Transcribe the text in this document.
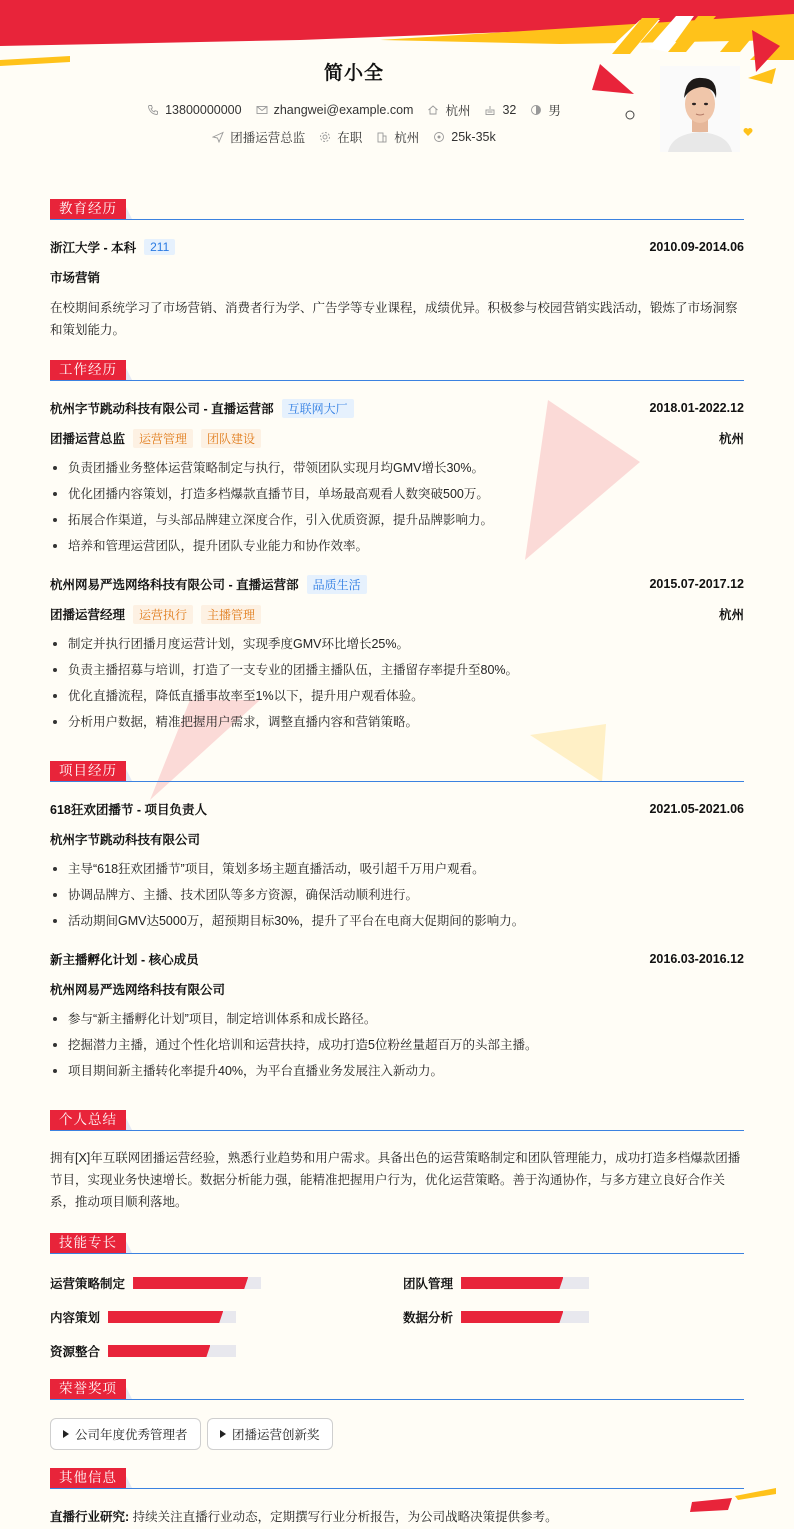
简小全
13800000000	zhangwei@example.com	杭州	32	男
团播运营总监	在职	杭州	25k-35k
教育经历
浙江大学 - 本科	211	2010.09-2014.06
市场营销
在校期间系统学习了市场营销、消费者行为学、广告学等专业课程，成绩优异。积极参与校园营销实践活动，锻炼了市场洞察和策划能力。
工作经历
杭州字节跳动科技有限公司 - 直播运营部	互联网大厂	2018.01-2022.12
团播运营总监	运营管理	团队建设	杭州
负责团播业务整体运营策略制定与执行，带领团队实现月均GMV增长30%。
优化团播内容策划，打造多档爆款直播节目，单场最高观看人数突破500万。
拓展合作渠道，与头部品牌建立深度合作，引入优质资源，提升品牌影响力。
培养和管理运营团队，提升团队专业能力和协作效率。
杭州网易严选网络科技有限公司 - 直播运营部	品质生活	2015.07-2017.12
团播运营经理	运营执行	主播管理	杭州
制定并执行团播月度运营计划，实现季度GMV环比增长25%。
负责主播招募与培训，打造了一支专业的团播主播队伍，主播留存率提升至80%。
优化直播流程，降低直播事故率至1%以下，提升用户观看体验。
分析用户数据，精准把握用户需求，调整直播内容和营销策略。
项目经历
618狂欢团播节 - 项目负责人	2021.05-2021.06
杭州字节跳动科技有限公司
主导“618狂欢团播节”项目，策划多场主题直播活动，吸引超千万用户观看。
协调品牌方、主播、技术团队等多方资源，确保活动顺利进行。
活动期间GMV达5000万，超预期目标30%，提升了平台在电商大促期间的影响力。
新主播孵化计划 - 核心成员	2016.03-2016.12
杭州网易严选网络科技有限公司
参与“新主播孵化计划”项目，制定培训体系和成长路径。
挖掘潜力主播，通过个性化培训和运营扶持，成功打造5位粉丝量超百万的头部主播。
项目期间新主播转化率提升40%，为平台直播业务发展注入新动力。
个人总结
拥有[X]年互联网团播运营经验，熟悉行业趋势和用户需求。具备出色的运营策略制定和团队管理能力，成功打造多档爆款团播节目，实现业务快速增长。数据分析能力强，能精准把握用户行为，优化运营策略。善于沟通协作，与多方建立良好合作关系，推动项目顺利落地。
技能专长
运营策略制定	团队管理
内容策划	数据分析
资源整合
荣誉奖项
公司年度优秀管理者	团播运营创新奖
其他信息
直播行业研究: 持续关注直播行业动态，定期撰写行业分析报告，为公司战略决策提供参考。
